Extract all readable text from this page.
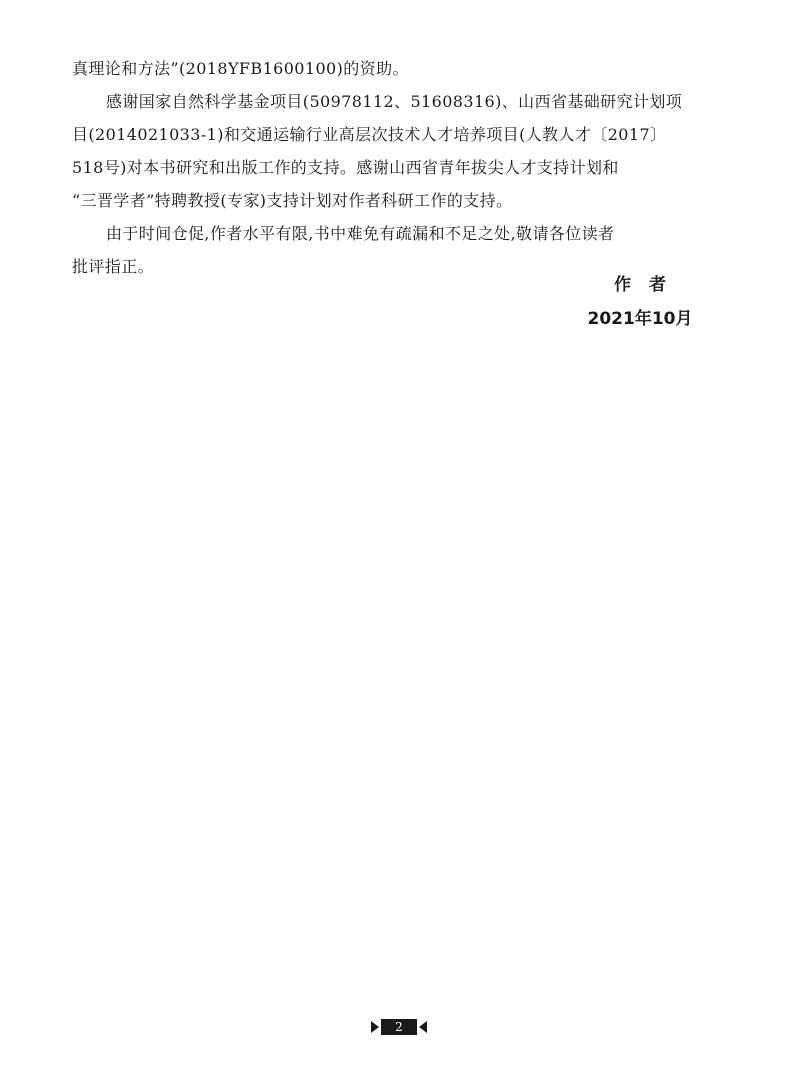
真理论和方法”(2018YFB1600100)的资助。
感谢国家自然科学基金项目(50978112、51608316)、山西省基础研究计划项
目(2014021033-1)和交通运输行业高层次技术人才培养项目(人教人才〔2017〕
518号)对本书研究和出版工作的支持。感谢山西省青年拔尖人才支持计划和
“三晋学者”特聘教授(专家)支持计划对作者科研工作的支持。
由于时间仓促,作者水平有限,书中难免有疏漏和不足之处,敬请各位读者
批评指正。
作者
2021年10月
2
